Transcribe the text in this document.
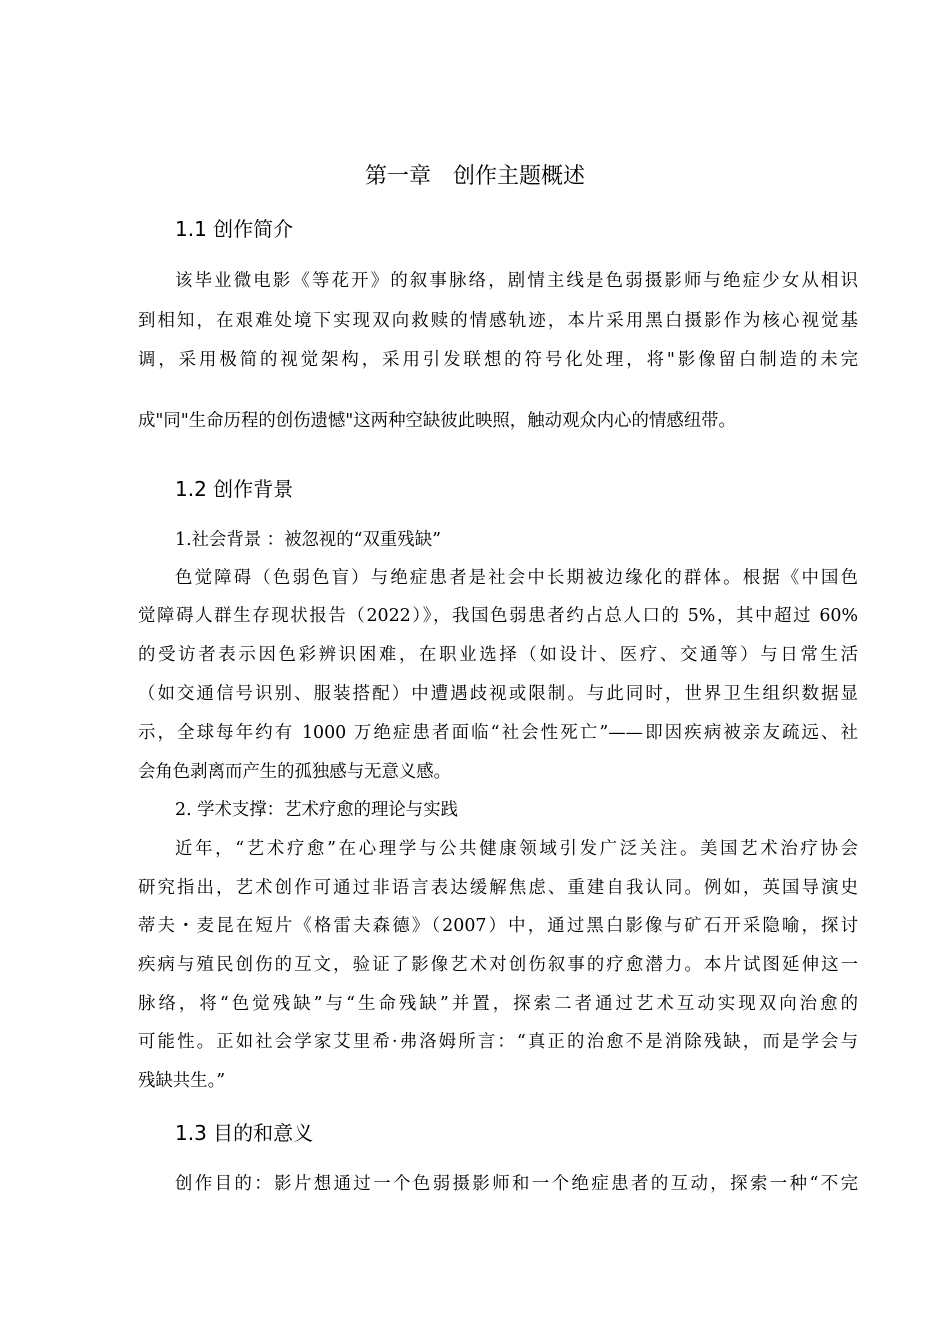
第一章　创作主题概述
1.1 创作简介
该毕业微电影《等花开》的叙事脉络，剧情主线是色弱摄影师与绝症少女从相识
到相知，在艰难处境下实现双向救赎的情感轨迹，本片采用黑白摄影作为核心视觉基
调，采用极简的视觉架构，采用引发联想的符号化处理，将"影像留白制造的未完
成"同"生命历程的创伤遗憾"这两种空缺彼此映照，触动观众内心的情感纽带。
1.2 创作背景
1.社会背景 ：被忽视的“双重残缺”
色觉障碍（色弱色盲）与绝症患者是社会中长期被边缘化的群体。根据《中国色
觉障碍人群生存现状报告（2022）》，我国色弱患者约占总人口的 5%，其中超过 60%
的受访者表示因色彩辨识困难，在职业选择（如设计、医疗、交通等）与日常生活
（如交通信号识别、服装搭配）中遭遇歧视或限制。与此同时，世界卫生组织数据显
示，全球每年约有 1000 万绝症患者面临“社会性死亡”——即因疾病被亲友疏远、社
会角色剥离而产生的孤独感与无意义感。
2. 学术支撑：艺术疗愈的理论与实践
近年，“艺术疗愈”在心理学与公共健康领域引发广泛关注。美国艺术治疗协会
研究指出，艺术创作可通过非语言表达缓解焦虑、重建自我认同。例如，英国导演史
蒂夫・麦昆在短片《格雷夫森德》（2007）中，通过黑白影像与矿石开采隐喻，探讨
疾病与殖民创伤的互文，验证了影像艺术对创伤叙事的疗愈潜力。本片试图延伸这一
脉络，将“色觉残缺”与“生命残缺”并置，探索二者通过艺术互动实现双向治愈的
可能性。正如社会学家艾里希·弗洛姆所言：“真正的治愈不是消除残缺，而是学会与
残缺共生。”
1.3 目的和意义
创作目的：影片想通过一个色弱摄影师和一个绝症患者的互动，探索一种“不完
